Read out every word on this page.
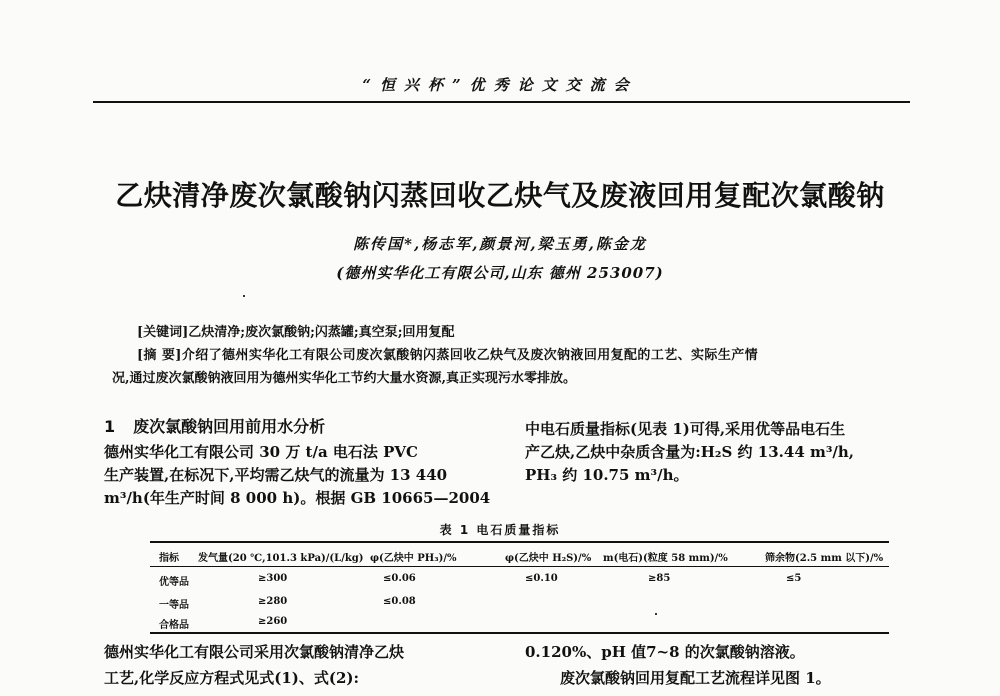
“恒兴杯”优秀论文交流会
乙炔清净废次氯酸钠闪蒸回收乙炔气及废液回用复配次氯酸钠
陈传国*,杨志军,颜景河,梁玉勇,陈金龙
(德州实华化工有限公司,山东 德州 253007)
[关键词]乙炔清净;废次氯酸钠;闪蒸罐;真空泵;回用复配
[摘 要]介绍了德州实华化工有限公司废次氯酸钠闪蒸回收乙炔气及废次钠液回用复配的工艺、实际生产情
况,通过废次氯酸钠液回用为德州实华化工节约大量水资源,真正实现污水零排放。
1 废次氯酸钠回用前用水分析
德州实华化工有限公司 30 万 t/a 电石法 PVC
生产装置,在标况下,平均需乙炔气的流量为 13 440
m³/h(年生产时间 8 000 h)。根据 GB 10665—2004
中电石质量指标(见表 1)可得,采用优等品电石生
产乙炔,乙炔中杂质含量为:H₂S 约 13.44 m³/h,
PH₃ 约 10.75 m³/h。
表 1 电石质量指标
指标 发气量(20 ℃,101.3 kPa)/(L/kg) φ(乙炔中 PH₃)/%	φ(乙炔中 H₂S)/% m(电石)(粒度 58 mm)/%	筛余物(2.5 mm 以下)/%
优等品	≥300	≤0.06	≤0.10	≥85	≤5
一等品	≥280	≤0.08
合格品	≥260
德州实华化工有限公司采用次氯酸钠清净乙炔
工艺,化学反应方程式见式(1)、式(2):
0.120%、pH 值7~8 的次氯酸钠溶液。
废次氯酸钠回用复配工艺流程详见图 1。
